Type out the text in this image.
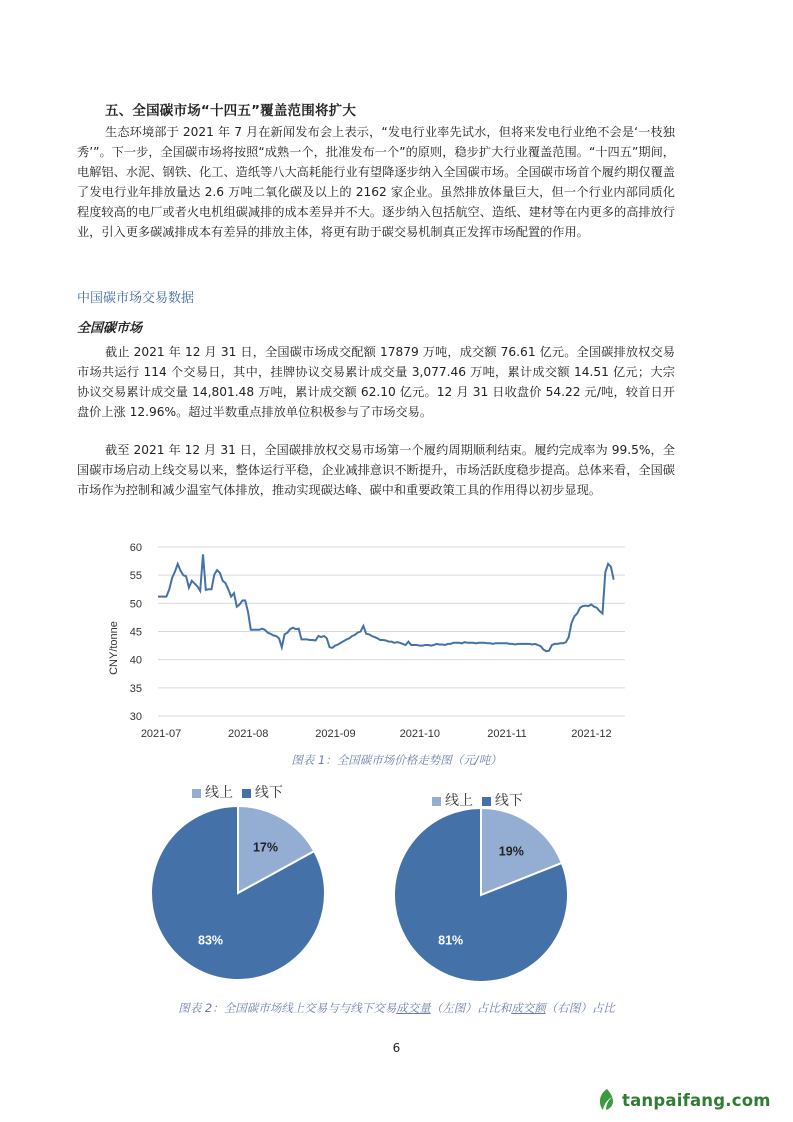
五、全国碳市场“十四五”覆盖范围将扩大
生态环境部于 2021 年 7 月在新闻发布会上表示，“发电行业率先试水，但将来发电行业绝不会是‘一枝独秀’”。下一步，全国碳市场将按照“成熟一个，批准发布一个”的原则，稳步扩大行业覆盖范围。“十四五”期间，电解铝、水泥、钢铁、化工、造纸等八大高耗能行业有望降逐步纳入全国碳市场。全国碳市场首个履约期仅覆盖了发电行业年排放量达 2.6 万吨二氧化碳及以上的 2162 家企业。虽然排放体量巨大，但一个行业内部同质化程度较高的电厂或者火电机组碳减排的成本差异并不大。逐步纳入包括航空、造纸、建材等在内更多的高排放行业，引入更多碳减排成本有差异的排放主体，将更有助于碳交易机制真正发挥市场配置的作用。
中国碳市场交易数据
全国碳市场
截止 2021 年 12 月 31 日，全国碳市场成交配额 17879 万吨，成交额 76.61 亿元。全国碳排放权交易市场共运行 114 个交易日，其中，挂牌协议交易累计成交量 3,077.46 万吨，累计成交额 14.51 亿元；大宗协议交易累计成交量 14,801.48 万吨，累计成交额 62.10 亿元。12 月 31 日收盘价 54.22 元/吨，较首日开盘价上涨 12.96%。超过半数重点排放单位积极参与了市场交易。
截至 2021 年 12 月 31 日，全国碳排放权交易市场第一个履约周期顺利结束。履约完成率为 99.5%，全国碳市场启动上线交易以来，整体运行平稳，企业减排意识不断提升，市场活跃度稳步提高。总体来看，全国碳市场作为控制和减少温室气体排放，推动实现碳达峰、碳中和重要政策工具的作用得以初步显现。
30
35
40
45
50
55
60
2021-07	2021-08	2021-09	2021-10	2021-11	2021-12
CNY/tonne
图表 1：全国碳市场价格走势图（元/吨）
线上 线下
17%
83%
线上 线下
19%
81%
图表 2：全国碳市场线上交易与与线下交易成交量（左图）占比和成交额（右图）占比
6
tanpaifang.com
